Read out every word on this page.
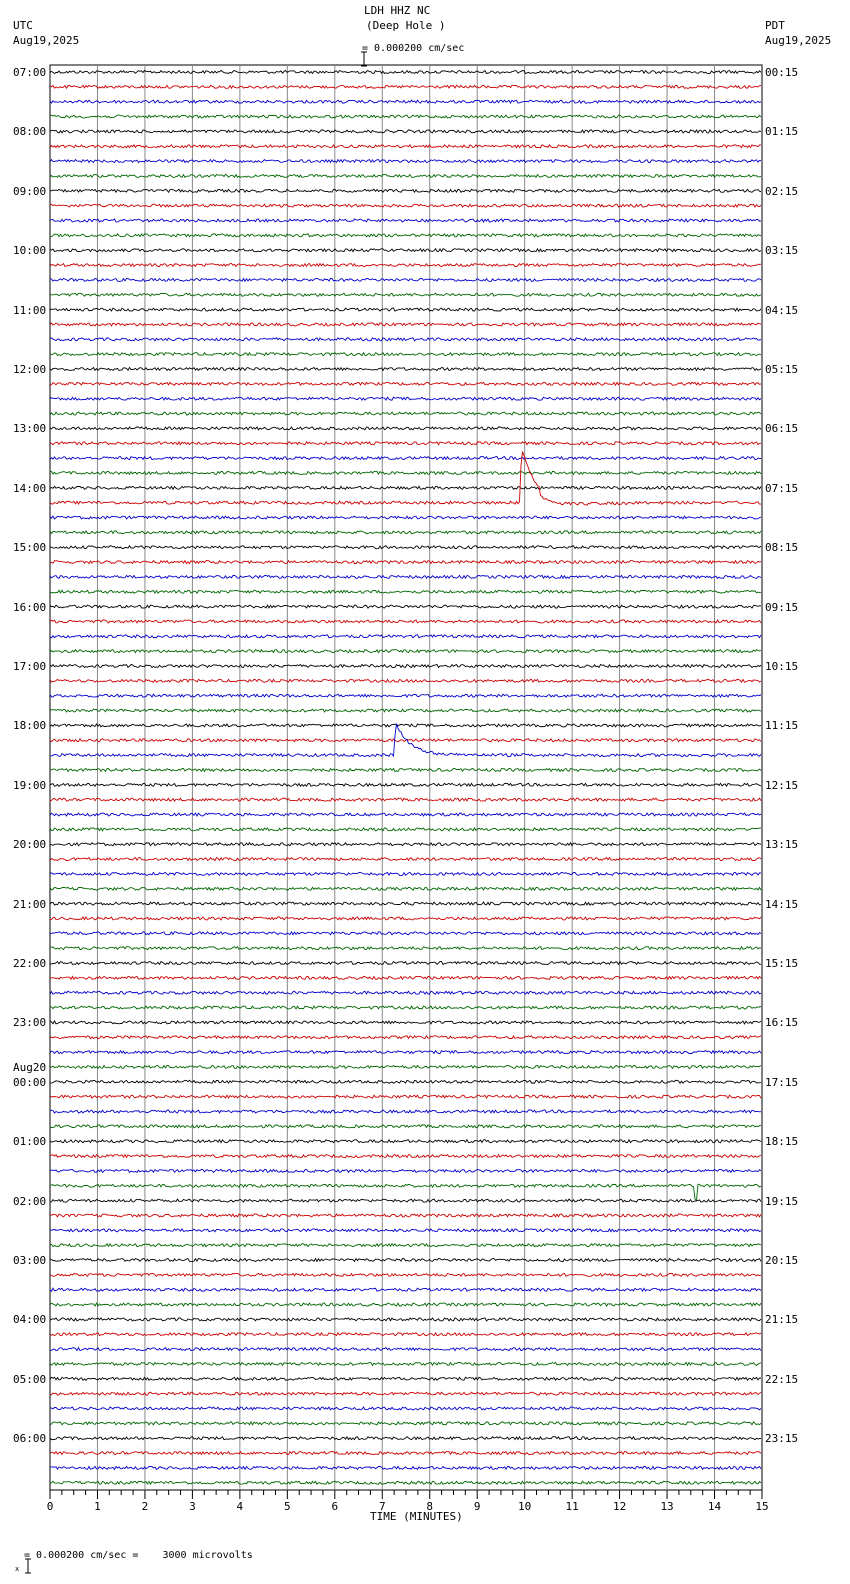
0	1	2	3	4	5	6	7	8	9	10	11	12	13	14	15
LDH HHZ NC
(Deep Hole )
UTC
Aug19,2025
PDT
Aug19,2025

= 0.000200 cm/sec
07:00
08:00
09:00
10:00
11:00
12:00
13:00
14:00
15:00
16:00
17:00
18:00
19:00
20:00
21:00
22:00
23:00
00:00
01:00
02:00
03:00
04:00
05:00
06:00
00:15
01:15
02:15
03:15
04:15
05:15
06:15
07:15
08:15
09:15
10:15
11:15
12:15
13:15
14:15
15:15
16:15
17:15
18:15
19:15
20:15
21:15
22:15
23:15
Aug20
TIME (MINUTES)

x

= 0.000200 cm/sec =    3000 microvolts
